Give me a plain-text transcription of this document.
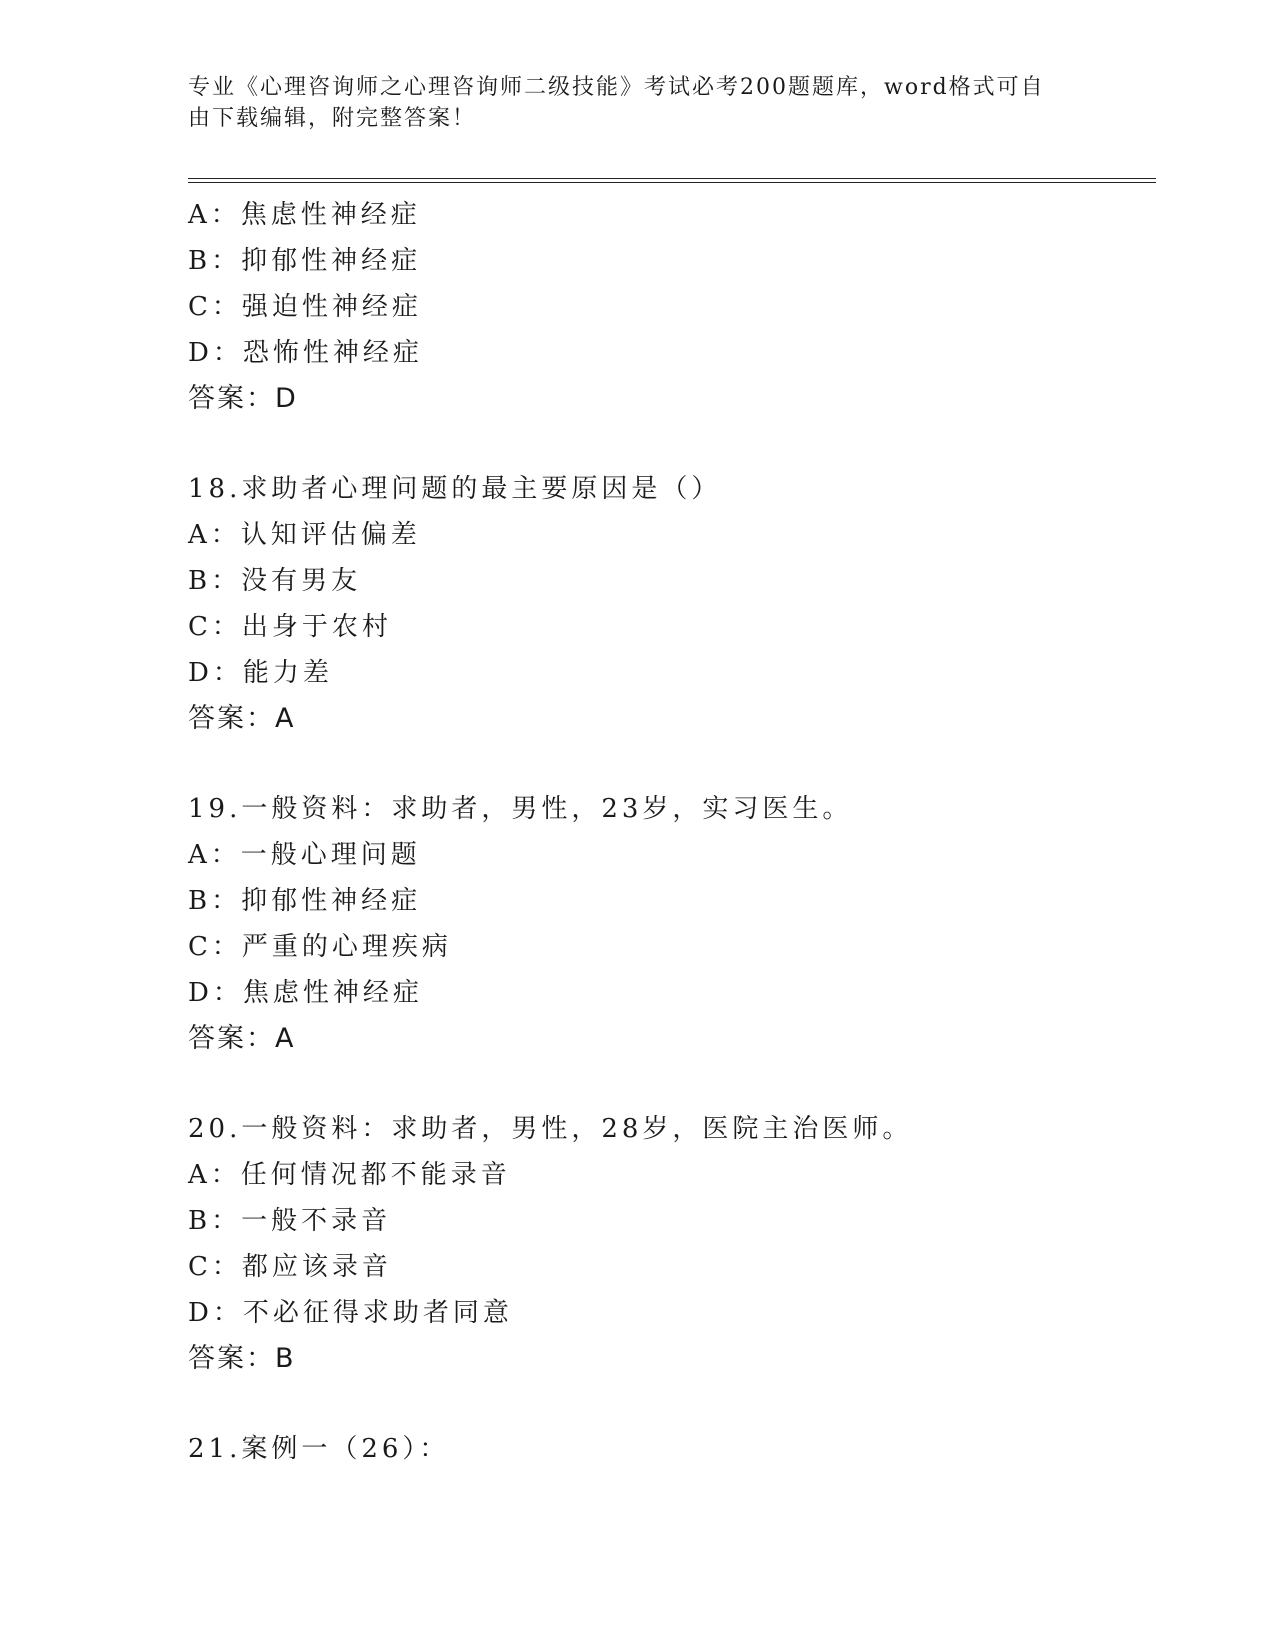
专业《心理咨询师之心理咨询师二级技能》考试必考200题题库，word格式可自由下载编辑，附完整答案！

A：焦虑性神经症
B：抑郁性神经症
C：强迫性神经症
D：恐怖性神经症
答案：D
18.求助者心理问题的最主要原因是（）
A：认知评估偏差
B：没有男友
C：出身于农村
D：能力差
答案：A
19.一般资料：求助者，男性，23岁，实习医生。
A：一般心理问题
B：抑郁性神经症
C：严重的心理疾病
D：焦虑性神经症
答案：A
20.一般资料：求助者，男性，28岁，医院主治医师。
A：任何情况都不能录音
B：一般不录音
C：都应该录音
D：不必征得求助者同意
答案：B
21.案例一（26）：
